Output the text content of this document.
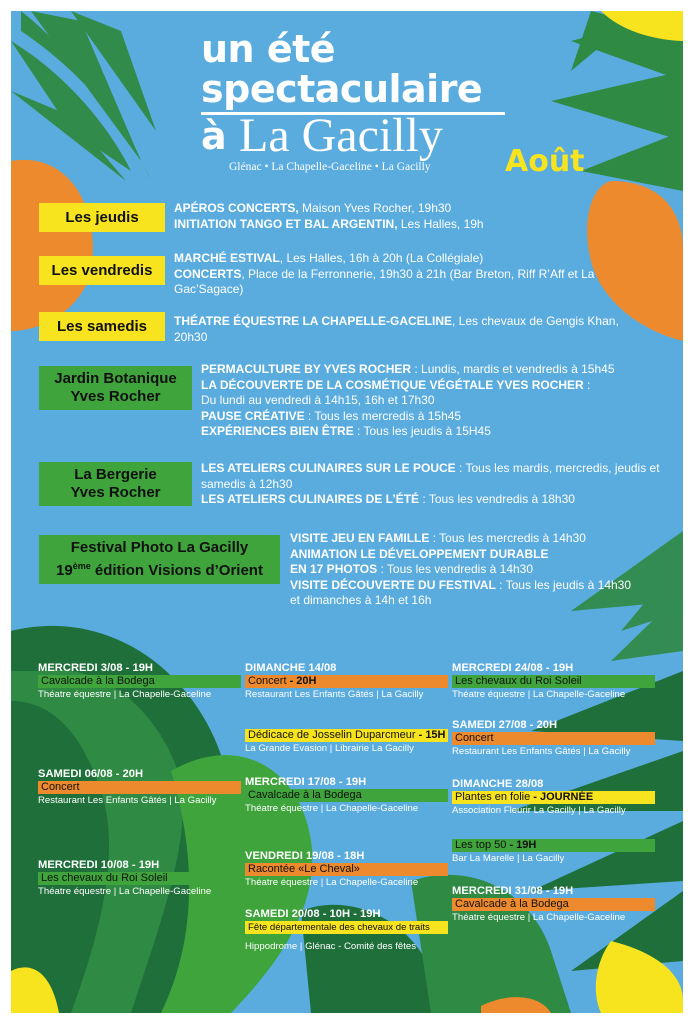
un été
spectaculaire
à La Gacilly
Glénac • La Chapelle-Gaceline • La Gacilly Août
Les jeudis
APÉROS CONCERTS, Maison Yves Rocher, 19h30
INITIATION TANGO ET BAL ARGENTIN, Les Halles, 19h
Les vendredis
MARCHÉ ESTIVAL, Les Halles, 16h à 20h (La Collégiale)
CONCERTS, Place de la Ferronnerie, 19h30 à 21h (Bar Breton, Riff R’Aff et La Gac’Sagace)
Les samedis	THÉATRE ÉQUESTRE LA CHAPELLE-GACELINE, Les chevaux de Gengis Khan, 20h30
Jardin Botanique
Yves Rocher
PERMACULTURE BY YVES ROCHER : Lundis, mardis et vendredis à 15h45
LA DÉCOUVERTE DE LA COSMÉTIQUE VÉGÉTALE YVES ROCHER :
Du lundi au vendredi à 14h15, 16h et 17h30
PAUSE CRÉATIVE : Tous les mercredis à 15h45
EXPÉRIENCES BIEN ÊTRE : Tous les jeudis à 15H45
La Bergerie
Yves Rocher
LES ATELIERS CULINAIRES SUR LE POUCE : Tous les mardis, mercredis, jeudis et samedis à 12h30
LES ATELIERS CULINAIRES DE L’ÉTÉ : Tous les vendredis à 18h30
Festival Photo La Gacilly
19ème édition Visions d’Orient
VISITE JEU EN FAMILLE : Tous les mercredis à 14h30
ANIMATION LE DÉVELOPPEMENT DURABLE
EN 17 PHOTOS : Tous les vendredis à 14h30
VISITE DÉCOUVERTE DU FESTIVAL : Tous les jeudis à 14h30 et dimanches à 14h et 16h
MERCREDI 3/08 - 19H
Cavalcade à la Bodega
Théatre équestre | La Chapelle-Gaceline
SAMEDI 06/08 - 20H
Concert
Restaurant Les Enfants Gâtés | La Gacilly
MERCREDI 10/08 - 19H
Les chevaux du Roi Soleil
Théatre équestre | La Chapelle-Gaceline
DIMANCHE 14/08
Concert - 20H
Restaurant Les Enfants Gâtés | La Gacilly
Dédicace de Josselin Duparcmeur - 15H
La Grande Evasion | Librairie La Gacilly
MERCREDI 17/08 - 19H
Cavalcade à la Bodega
Théatre équestre | La Chapelle-Gaceline
VENDREDI 19/08 - 18H
Racontée «Le Cheval»
Théatre équestre | La Chapelle-Gaceline
SAMEDI 20/08 - 10H - 19H
Fête départementale des chevaux de traits
Hippodrome | Glénac - Comité des fêtes
MERCREDI 24/08 - 19H
Les chevaux du Roi Soleil
Théatre équestre | La Chapelle-Gaceline
SAMEDI 27/08 - 20H
Concert
Restaurant Les Enfants Gâtés | La Gacilly
DIMANCHE 28/08
Plantes en folie - JOURNÉE
Association Fleurir La Gacilly | La Gacilly
Les top 50 - 19H
Bar La Marelle | La Gacilly
MERCREDI 31/08 - 19H
Cavalcade à la Bodega
Théatre équestre | La Chapelle-Gaceline
